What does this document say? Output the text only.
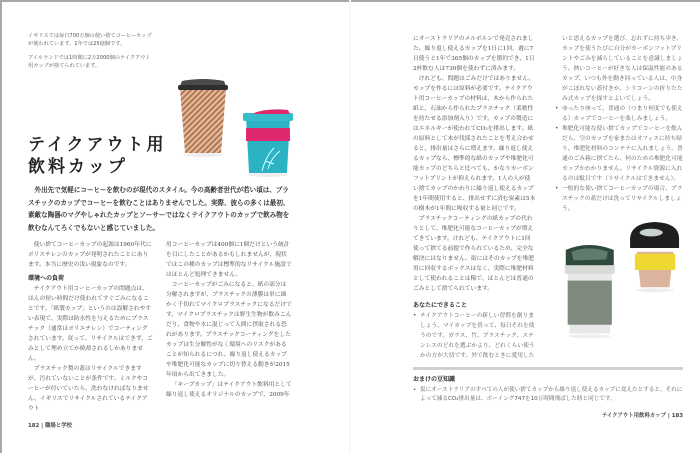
イギリスでは毎日700万個の使い捨てコーヒーカップが使われています。1年では25億個です。

アイルランドでは1時間に2万2000個のテイクアウト用カップが捨てられています。

テイクアウト用
飲料カップ

外出先で気軽にコーヒーを飲むのが現代のスタイル。今の高齢者世代が若い頃は、プラスチックのカップでコーヒーを飲むことはありませんでした。実際、彼らの多くは最初、素敵な陶器のマグやしゃれたカップとソーサーではなくテイクアウトのカップで飲み物を飲むなんてろくでもないと感じていました。

使い捨てコーヒーカップの起源は1960年代にポリスチレンのカップが発明されたことにあります。本当に歴史の浅い現象なのです。

環境への負荷

テイクアウト用コーヒーカップの問題点は、ほんの短い時間だけ使われてすぐごみになることです。「紙製カップ」というのは誤解されやすい表現で、実際は防水性を与えるためにプラスチック（通常はポリエチレン）でコーティングされています。従って、リサイクルはできず、ごみとして埋め立てか焼却されるしかありません。

プラスチック製の蓋はリサイクルできますが、汚れていないことが条件です。ミルクやコーヒーが付いていたら、洗わなければなりません。イギリスでリサイクルされているテイクアウト

用コーヒーカップは400個に1個だけという統計を目にしたことがあるかもしれませんが、現状ではこの種のカップは標準的なリサイクル施設ではほとんど処理できません。

コーヒーカップがごみになると、紙の部分は分解されますが、プラスチックの薄膜は単に細かく千切れてマイクロプラスチックになるだけです。マイクロプラスチックは野生生物が飲みこんだり、食物や水に混じって人間に摂取される恐れがあります。プラスチックコーティングをしたカップは生分解性がなく環境へのリスクがあることが知られるにつれ、繰り返し使えるカップや堆肥化可能なカップに切り替える動きが2015年頃から出てきました。

「キープカップ」はテイクアウト飲料用として繰り返し使えるオリジナルのカップで、2009年

182 | 職場と学校

にオーストラリアのメルボルンで発売されました。繰り返し使えるカップを1日に1回、週に7日使うと1年で365個のカップを節約でき、1日2杯飲む人は730個を使わずに済みます。

けれども、問題はごみだけではありません。カップを作るには原料が必要です。テイクアウト用コーヒーカップの材料は、木から作られた紙と、石油から作られたプラスチック（柔軟性を持たせる添加剤入り）です。カップの製造にはエネルギーが使われてCO₂を排出します。紙の原料として木が伐採されたことを考え合わせると、排出量はさらに増えます。繰り返し使えるカップなら、標準的な紙のカップや堆肥化可能カップのどちらと比べても、かなりカーボンフットプリントが抑えられます。1人の人が使い捨てカップのかわりに繰り返し使えるカップを1年間使用すると、排出せずに済む炭素は5本の樹木が1年間に吸収する量と同じです。

プラスチックコーティングの紙カップの代わりとして、堆肥化可能なコーヒーカップが増えてきています。けれども、テイクアウトに1回使って捨てる前提で作られているため、完全な解決にはなりません。街にはそのカップを堆肥用に回収するボックスはなく、実際に堆肥材料として使われることは稀で、ほとんどは普通のごみとして捨てられています。

あなたにできること

• テイクアウトコーヒーの新しい習慣を創りましょう。マイカップを買って、毎日それを使うのです。ガラス、竹、プラスチック、ステンレスのどれを選ぶかより、どれくらい使うかの方が大切です。外で飲むときに愛用した

いと思えるカップを選び、忘れずに持ち歩き、カップを使うたびに自分がカーボンフットプリントやごみを減らしていることを意識しましょう。熱いコーヒーが好きな人は保温性能のあるカップ、いつも外を動き回っている人は、中身がこぼれない蓋付きか、シリコーンの折りたたみ式カップを探すとよいでしょう。

• ゆったり座って、普通の（つまり何度でも使える）カップでコーヒーを楽しみましょう。

• 堆肥化可能な使い捨てカップでコーヒーを飲んだら、空のカップを家またはオフィスに持ち帰り、堆肥化材料のコンテナに入れましょう。普通のごみ箱に捨てたら、何のための堆肥化可能カップかわかりません。リサイクル資源に入れるのは駄目です（リサイクルはできません）。

• 一般的な使い捨てコーヒーカップの場合、プラスチックの蓋だけは洗ってリサイクルしましょう。

おまけの豆知識

• 仮にオーストラリアのすべての人が使い捨てカップから繰り返し使えるカップに変えたとすると、それによって減るCO₂排出量は、ボーイング747を10万時間飛ばした時と同じです。

テイクアウト用飲料カップ | 183
